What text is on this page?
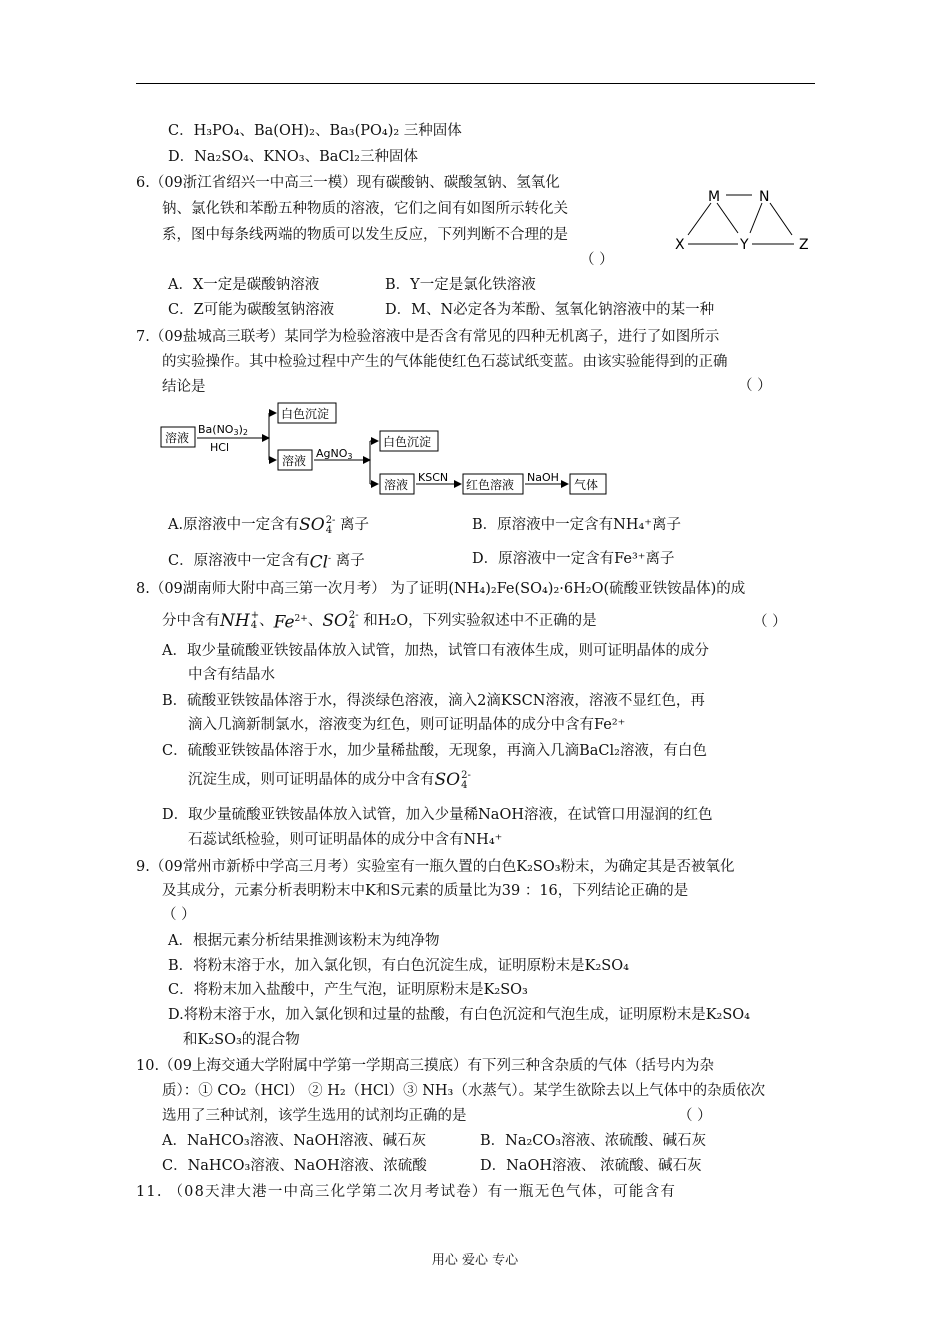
C．H₃PO₄、Ba(OH)₂、Ba₃(PO₄)₂ 三种固体
D．Na₂SO₄、KNO₃、BaCl₂三种固体
6.（09浙江省绍兴一中高三一模）现有碳酸钠、碳酸氢钠、氢氧化
钠、氯化铁和苯酚五种物质的溶液，它们之间有如图所示转化关
系，图中每条线两端的物质可以发生反应，下列判断不合理的是
（ ）
M	N
X	Y	Z
A．X一定是碳酸钠溶液	B．Y一定是氯化铁溶液
C．Z可能为碳酸氢钠溶液	D．M、N必定各为苯酚、氢氧化钠溶液中的某一种
7.（09盐城高三联考）某同学为检验溶液中是否含有常见的四种无机离子，进行了如图所示
的实验操作。其中检验过程中产生的气体能使红色石蕊试纸变蓝。由该实验能得到的正确
结论是	（ ）
溶液
Ba(NO3)2
HCl
白色沉淀
溶液
AgNO3
白色沉淀
溶液
KSCN
红色溶液
NaOH
气体
A.原溶液中一定含有SO 2-
4 离子	B．原溶液中一定含有NH₄⁺离子
C．原溶液中一定含有Cl- 离子	D．原溶液中一定含有Fe³⁺离子
8.（09湖南师大附中高三第一次月考） 为了证明(NH₄)₂Fe(SO₄)₂·6H₂O(硫酸亚铁铵晶体)的成
分中含有NH +
4 、$Fe^{2+}$、SO 2-
4 和H₂O，下列实验叙述中不正确的是	（ ）
A．取少量硫酸亚铁铵晶体放入试管，加热，试管口有液体生成，则可证明晶体的成分
中含有结晶水
B．硫酸亚铁铵晶体溶于水，得淡绿色溶液，滴入2滴KSCN溶液，溶液不显红色，再
滴入几滴新制氯水，溶液变为红色，则可证明晶体的成分中含有Fe²⁺
C．硫酸亚铁铵晶体溶于水，加少量稀盐酸，无现象，再滴入几滴BaCl₂溶液，有白色
沉淀生成，则可证明晶体的成分中含有SO 2-
4
D．取少量硫酸亚铁铵晶体放入试管，加入少量稀NaOH溶液，在试管口用湿润的红色
石蕊试纸检验，则可证明晶体的成分中含有NH₄⁺
9.（09常州市新桥中学高三月考）实验室有一瓶久置的白色K₂SO₃粉末，为确定其是否被氧化
及其成分，元素分析表明粉末中K和S元素的质量比为39 ：16，下列结论正确的是
（ ）
A．根据元素分析结果推测该粉末为纯净物
B．将粉末溶于水，加入氯化钡，有白色沉淀生成，证明原粉末是K₂SO₄
C．将粉末加入盐酸中，产生气泡，证明原粉末是K₂SO₃
D.将粉末溶于水，加入氯化钡和过量的盐酸，有白色沉淀和气泡生成，证明原粉末是K₂SO₄
和K₂SO₃的混合物
10.（09上海交通大学附属中学第一学期高三摸底）有下列三种含杂质的气体（括号内为杂
质）：① CO₂（HCl） ② H₂（HCl）③ NH₃（水蒸气）。某学生欲除去以上气体中的杂质依次
选用了三种试剂，该学生选用的试剂均正确的是	（ ）
A．NaHCO₃溶液、NaOH溶液、碱石灰	B．Na₂CO₃溶液、浓硫酸、碱石灰
C．NaHCO₃溶液、NaOH溶液、浓硫酸	D．NaOH溶液、 浓硫酸、碱石灰
11. （08天津大港一中高三化学第二次月考试卷）有一瓶无色气体，可能含有
用心 爱心 专心
